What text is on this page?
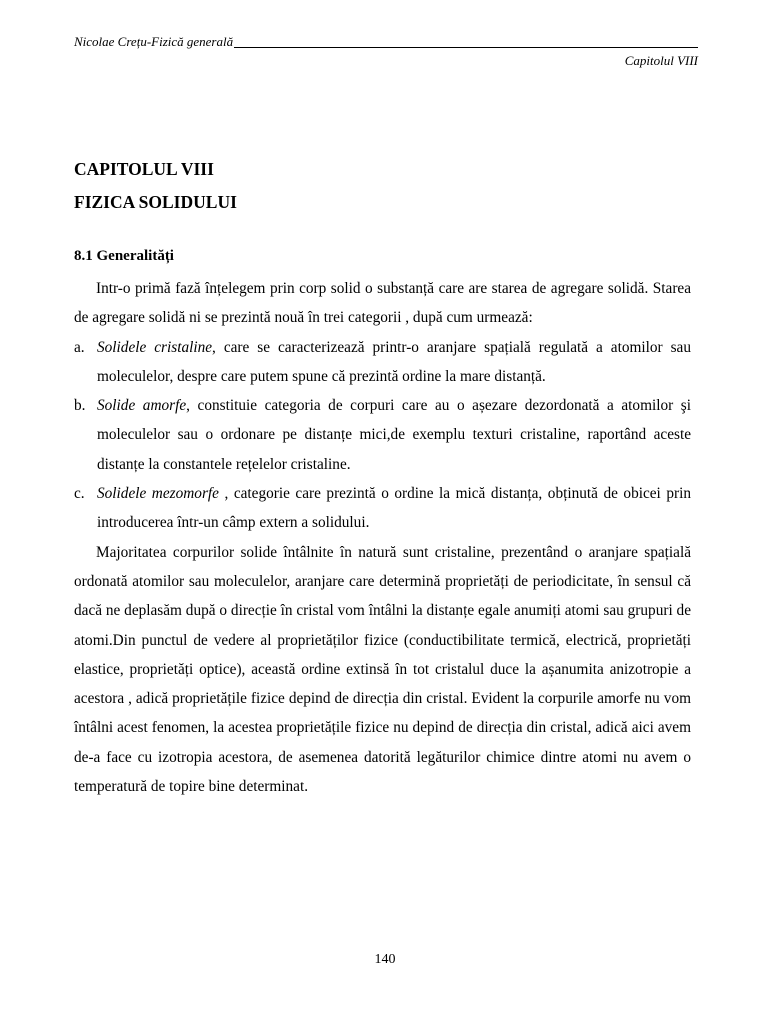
Nicolae Crețu-Fizică generală
Capitolul VIII
CAPITOLUL VIII
FIZICA SOLIDULUI
8.1 Generalități

Intr-o primă fază înțelegem prin corp solid o substanță care are starea de agregare solidă. Starea de agregare solidă ni se prezintă nouă în trei categorii , după cum urmează:

a. Solidele cristaline, care se caracterizează printr-o aranjare spațială regulată a atomilor sau moleculelor, despre care putem spune că prezintă ordine la mare distanță.

b. Solide amorfe, constituie categoria de corpuri care au o așezare dezordonată a atomilor şi moleculelor sau o ordonare pe distanțe mici,de exemplu texturi cristaline, raportând aceste distanțe la constantele rețelelor cristaline.

c. Solidele mezomorfe , categorie care prezintă o ordine la mică distanța, obținută de obicei prin introducerea într-un câmp extern a solidului.

Majoritatea corpurilor solide întâlnite în natură sunt cristaline, prezentând o aranjare spațială ordonată atomilor sau moleculelor, aranjare care determină proprietăți de periodicitate, în sensul că dacă ne deplasăm după o direcție în cristal vom întâlni la distanțe egale anumiți atomi sau grupuri de atomi.Din punctul de vedere al proprietăților fizice (conductibilitate termică, electrică, proprietăți elastice, proprietăți optice), această ordine extinsă în tot cristalul duce la așanumita anizotropie a acestora , adică proprietățile fizice depind de direcția din cristal. Evident la corpurile amorfe nu vom întâlni acest fenomen, la acestea proprietățile fizice nu depind de direcția din cristal, adică aici avem de-a face cu izotropia acestora, de asemenea datorită legăturilor chimice dintre atomi nu avem o temperatură de topire bine determinat.

140
